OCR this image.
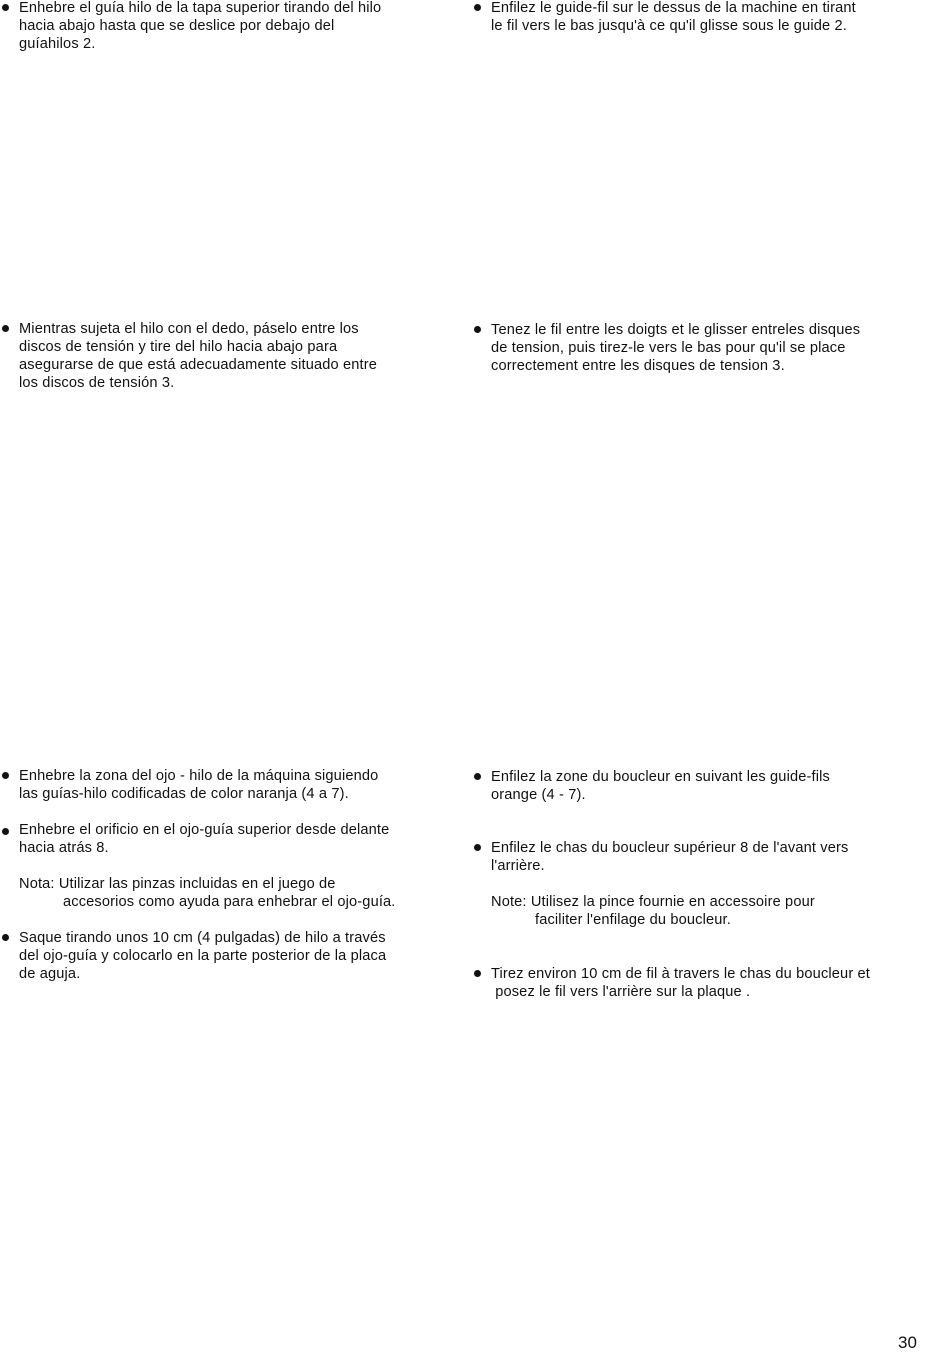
Enhebre el guía hilo de la tapa superior tirando del hilo
hacia abajo hasta que se deslice por debajo del
guíahilos 2.
Enfilez le guide-fil sur le dessus de la machine en tirant
le fil vers le bas jusqu'à ce qu'il glisse sous le guide 2.
Mientras sujeta el hilo con el dedo, páselo entre los
discos de tensión y tire del hilo hacia abajo para
asegurarse de que está adecuadamente situado entre
los discos de tensión 3.
Tenez le fil entre les doigts et le glisser entreles disques
de tension, puis tirez-le vers le bas pour qu'il se place
correctement entre les disques de tension 3.
Enhebre la zona del ojo - hilo de la máquina siguiendo
las guías-hilo codificadas de color naranja (4 a 7).
Enhebre el orificio en el ojo-guía superior desde delante
hacia atrás 8.
Nota: Utilizar las pinzas incluidas en el juego de
accesorios como ayuda para enhebrar el ojo-guía.
Saque tirando unos 10 cm (4 pulgadas) de hilo a través
del ojo-guía y colocarlo en la parte posterior de la placa
de aguja.
Enfilez la zone du boucleur en suivant les guide-fils
orange (4 - 7).
Enfilez le chas du boucleur supérieur 8 de l'avant vers
l'arrière.
Note: Utilisez la pince fournie en accessoire pour
faciliter l'enfilage du boucleur.
Tirez environ 10 cm de fil à travers le chas du boucleur et
posez le fil vers l'arrière sur la plaque .
30
